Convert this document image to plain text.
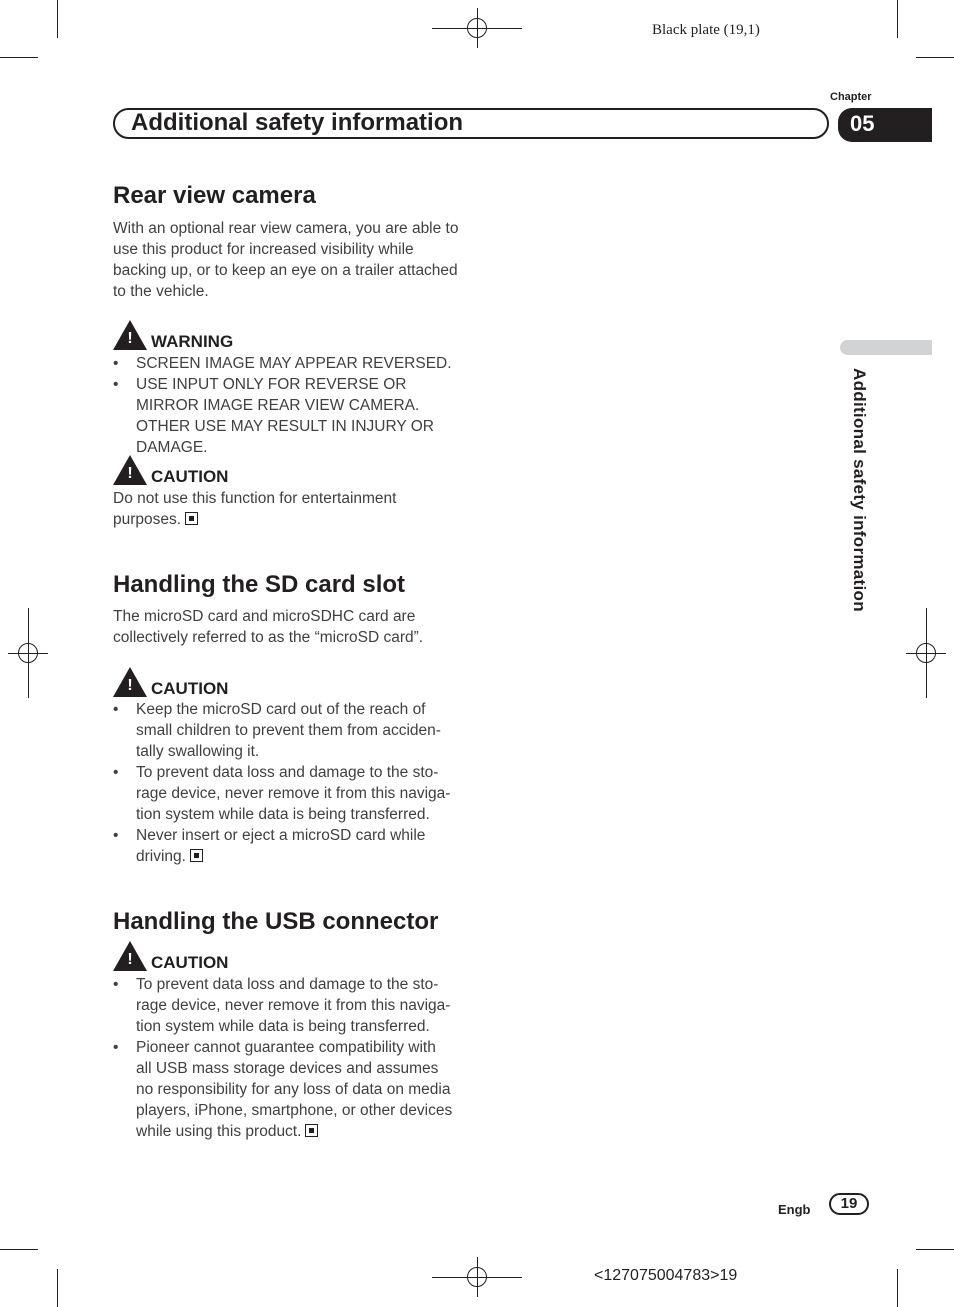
Black plate (19,1)
Additional safety information
Chapter
05
Additional safety information
Rear view camera

With an optional rear view camera, you are able to use this product for increased visibility while backing up, or to keep an eye on a trailer attached to the vehicle.

! WARNING
• SCREEN IMAGE MAY APPEAR REVERSED.
• USE INPUT ONLY FOR REVERSE OR MIRROR IMAGE REAR VIEW CAMERA. OTHER USE MAY RESULT IN INJURY OR DAMAGE.
! CAUTION

Do not use this function for entertainment purposes.

Handling the SD card slot

The microSD card and microSDHC card are collectively referred to as the “microSD card”.

! CAUTION
• Keep the microSD card out of the reach of small children to prevent them from acciden- tally swallowing it.
• To prevent data loss and damage to the sto- rage device, never remove it from this naviga- tion system while data is being transferred.
• Never insert or eject a microSD card while driving.
Handling the USB connector
! CAUTION
• To prevent data loss and damage to the sto- rage device, never remove it from this naviga- tion system while data is being transferred.
• Pioneer cannot guarantee compatibility with all USB mass storage devices and assumes no responsibility for any loss of data on media players, iPhone, smartphone, or other devices while using this product.
Engb	19
<127075004783>19
